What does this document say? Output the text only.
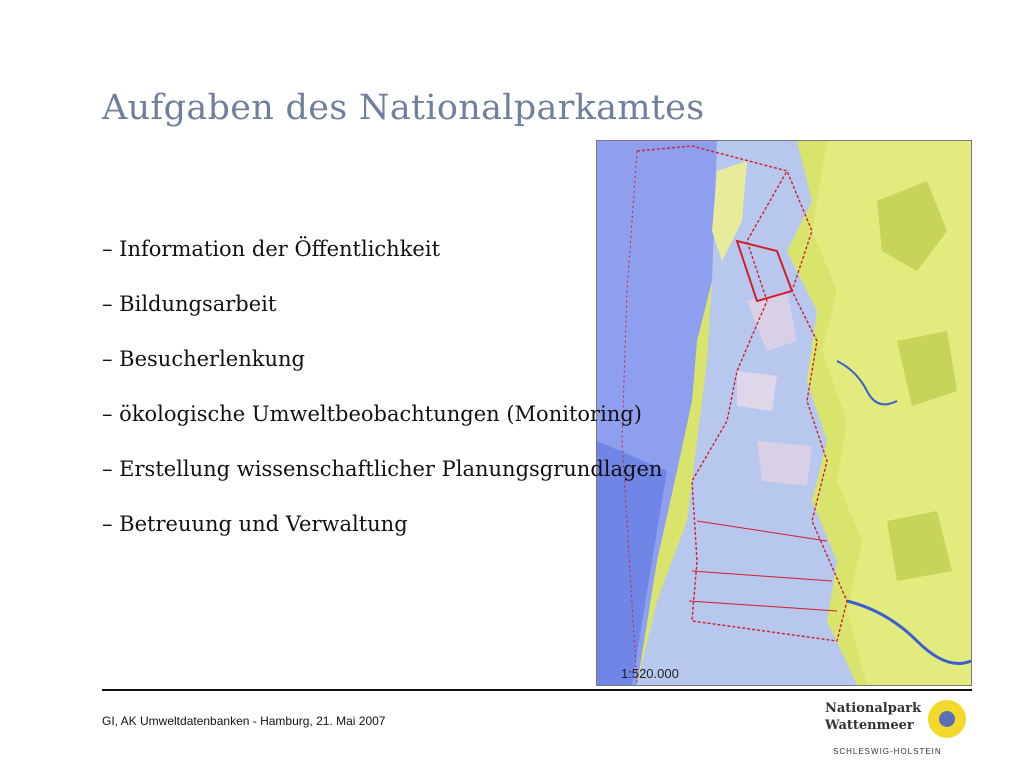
Aufgaben des Nationalparkamtes
1:520.000
– Information der Öffentlichkeit
– Bildungsarbeit
– Besucherlenkung
– ökologische Umweltbeobachtungen (Monitoring)
– Erstellung wissenschaftlicher Planungsgrundlagen
– Betreuung und Verwaltung
GI, AK Umweltdatenbanken - Hamburg, 21. Mai 2007
Nationalpark
Wattenmeer
SCHLESWIG-HOLSTEIN
